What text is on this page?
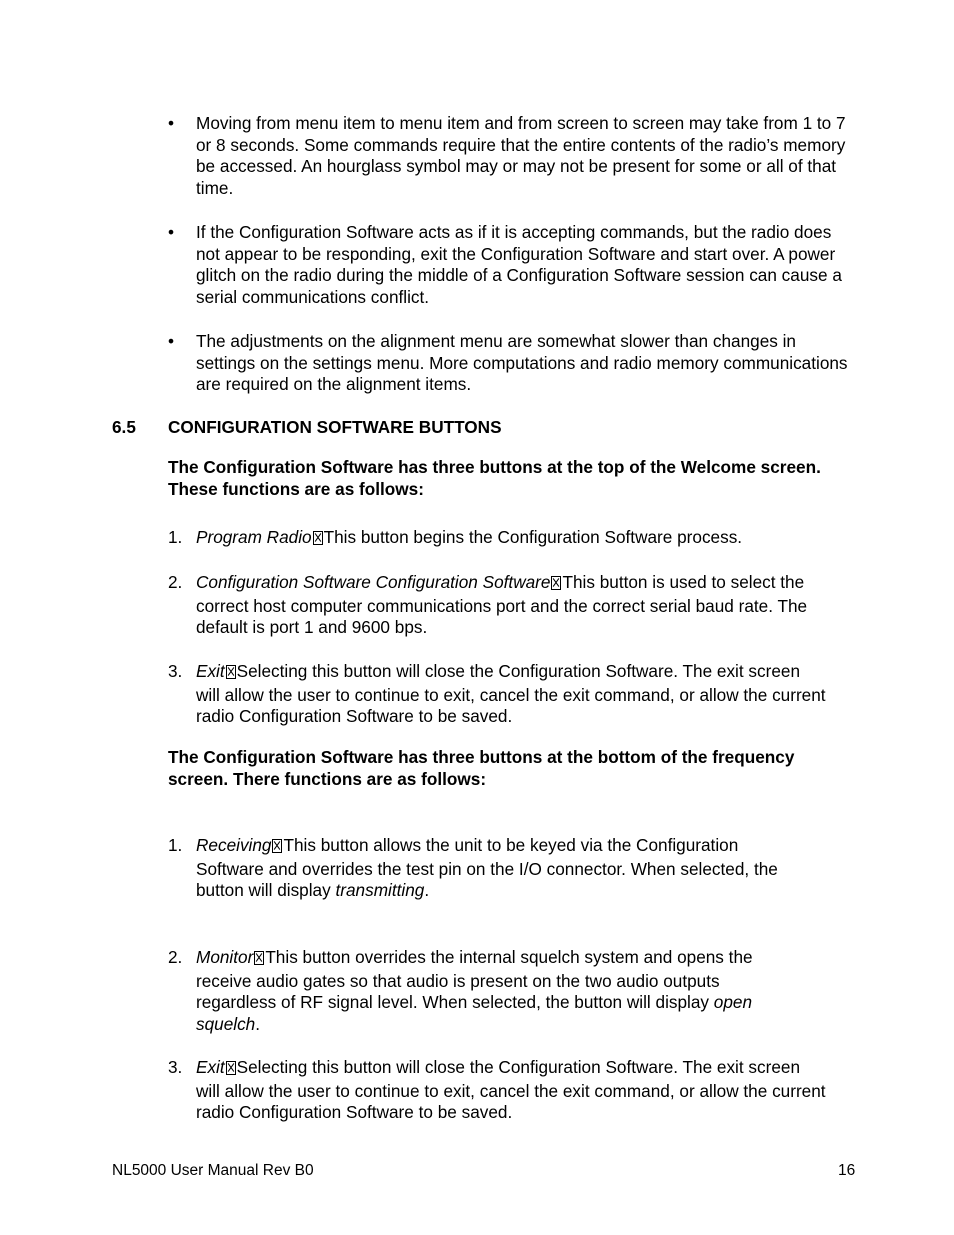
•	Moving from menu item to menu item and from screen to screen may take from 1 to 7 or 8 seconds. Some commands require that the entire contents of the radio’s memory be accessed. An hourglass symbol may or may not be present for some or all of that time.
•	If the Configuration Software acts as if it is accepting commands, but the radio does not appear to be responding, exit the Configuration Software and start over. A power glitch on the radio during the middle of a Configuration Software session can cause a serial communications conflict.
•	The adjustments on the alignment menu are somewhat slower than changes in settings on the settings menu. More computations and radio memory communications are required on the alignment items.
6.5 CONFIGURATION SOFTWARE BUTTONS
The Configuration Software has three buttons at the top of the Welcome screen. These functions are as follows:
1. Program Radio This button begins the Configuration Software process.
2. Configuration Software Configuration Software This button is used to select the
correct host computer communications port and the correct serial baud rate. The default is port 1 and 9600 bps.
3. Exit Selecting this button will close the Configuration Software. The exit screen
will allow the user to continue to exit, cancel the exit command, or allow the current radio Configuration Software to be saved.
The Configuration Software has three buttons at the bottom of the frequency screen. There functions are as follows:
1. Receiving This button allows the unit to be keyed via the Configuration
Software and overrides the test pin on the I/O connector. When selected, the button will display transmitting.
2. Monitor This button overrides the internal squelch system and opens the
receive audio gates so that audio is present on the two audio outputs regardless of RF signal level. When selected, the button will display open squelch.
3. Exit Selecting this button will close the Configuration Software. The exit screen
will allow the user to continue to exit, cancel the exit command, or allow the current radio Configuration Software to be saved.
NL5000 User Manual Rev B0	16
